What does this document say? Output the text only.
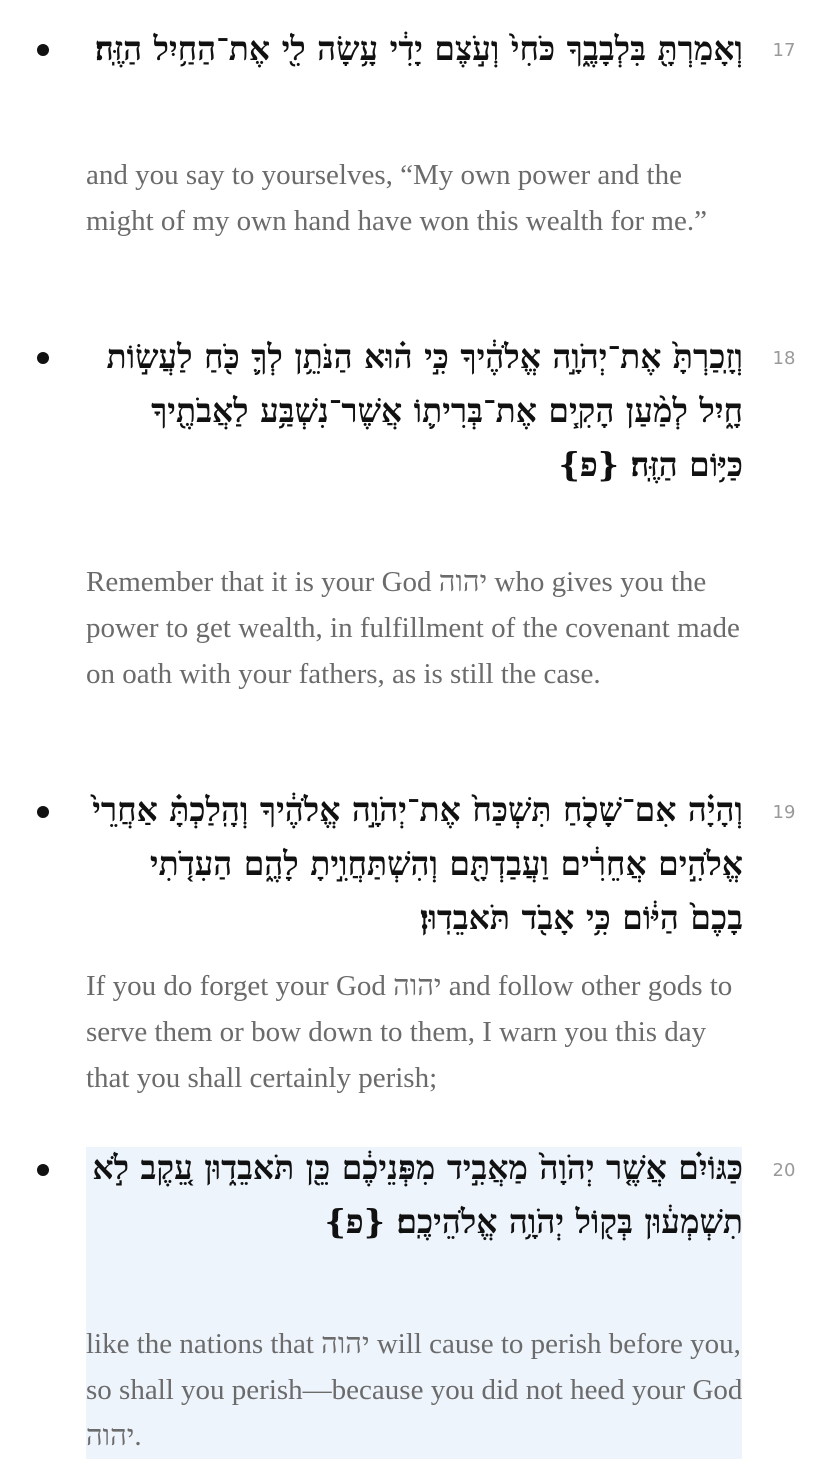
17
וְאָמַרְתָּ֖ בִּלְבָבֶ֑ךָ כֹּחִי֙ וְעֹ֣צֶם יָדִ֔י עָ֥שָׂה לִ֖י אֶת־הַחַ֥יִל הַזֶּֽה׃
and you say to yourselves, “My own power and the might of my own hand have won this wealth for me.”
18
וְזָֽכַרְתָּ֙ אֶת־יְהֹוָ֣ה אֱלֹהֶ֔יךָ כִּ֣י ה֗וּא הַנֹּתֵ֥ן לְךָ֛ כֹּ֖חַ לַעֲשׂ֣וֹת חָ֑יִל לְמַ֨עַן הָקִ֧ים אֶת־בְּרִית֛וֹ אֲשֶׁר־נִשְׁבַּ֥ע לַאֲבֹתֶ֖יךָ כַּיּ֥וֹם הַזֶּֽה׃ {פ}
Remember that it is your God יהוה who gives you the power to get wealth, in fulfillment of the covenant made on oath with your fathers, as is still the case.
19
וְהָיָ֗ה אִם־שָׁכֹ֤חַ תִּשְׁכַּח֙ אֶת־יְהֹוָ֣ה אֱלֹהֶ֔יךָ וְהָֽלַכְתָּ֗ אַחֲרֵי֙ אֱלֹהִ֣ים אֲחֵרִ֔ים וַעֲבַדְתָּ֖ם וְהִשְׁתַּחֲוִ֣יתָ לָהֶ֑ם הַעִדֹ֤תִי בָכֶם֙ הַיּ֔וֹם כִּ֥י אָבֹ֖ד תֹּאבֵדֽוּן׃
If you do forget your God יהוה and follow other gods to serve them or bow down to them, I warn you this day that you shall certainly perish;
20
כַּגּוֹיִ֗ם אֲשֶׁ֤ר יְהֹוָה֙ מַאֲבִ֣יד מִפְּנֵיכֶ֔ם כֵּ֖ן תֹּאבֵד֑וּן עֵ֚קֶב לֹ֣א תִשְׁמְע֔וּן בְּק֖וֹל יְהֹוָ֥ה אֱלֹהֵיכֶֽם׃ {פ}
like the nations that יהוה will cause to perish before you, so shall you perish—because you did not heed your God יהוה.
